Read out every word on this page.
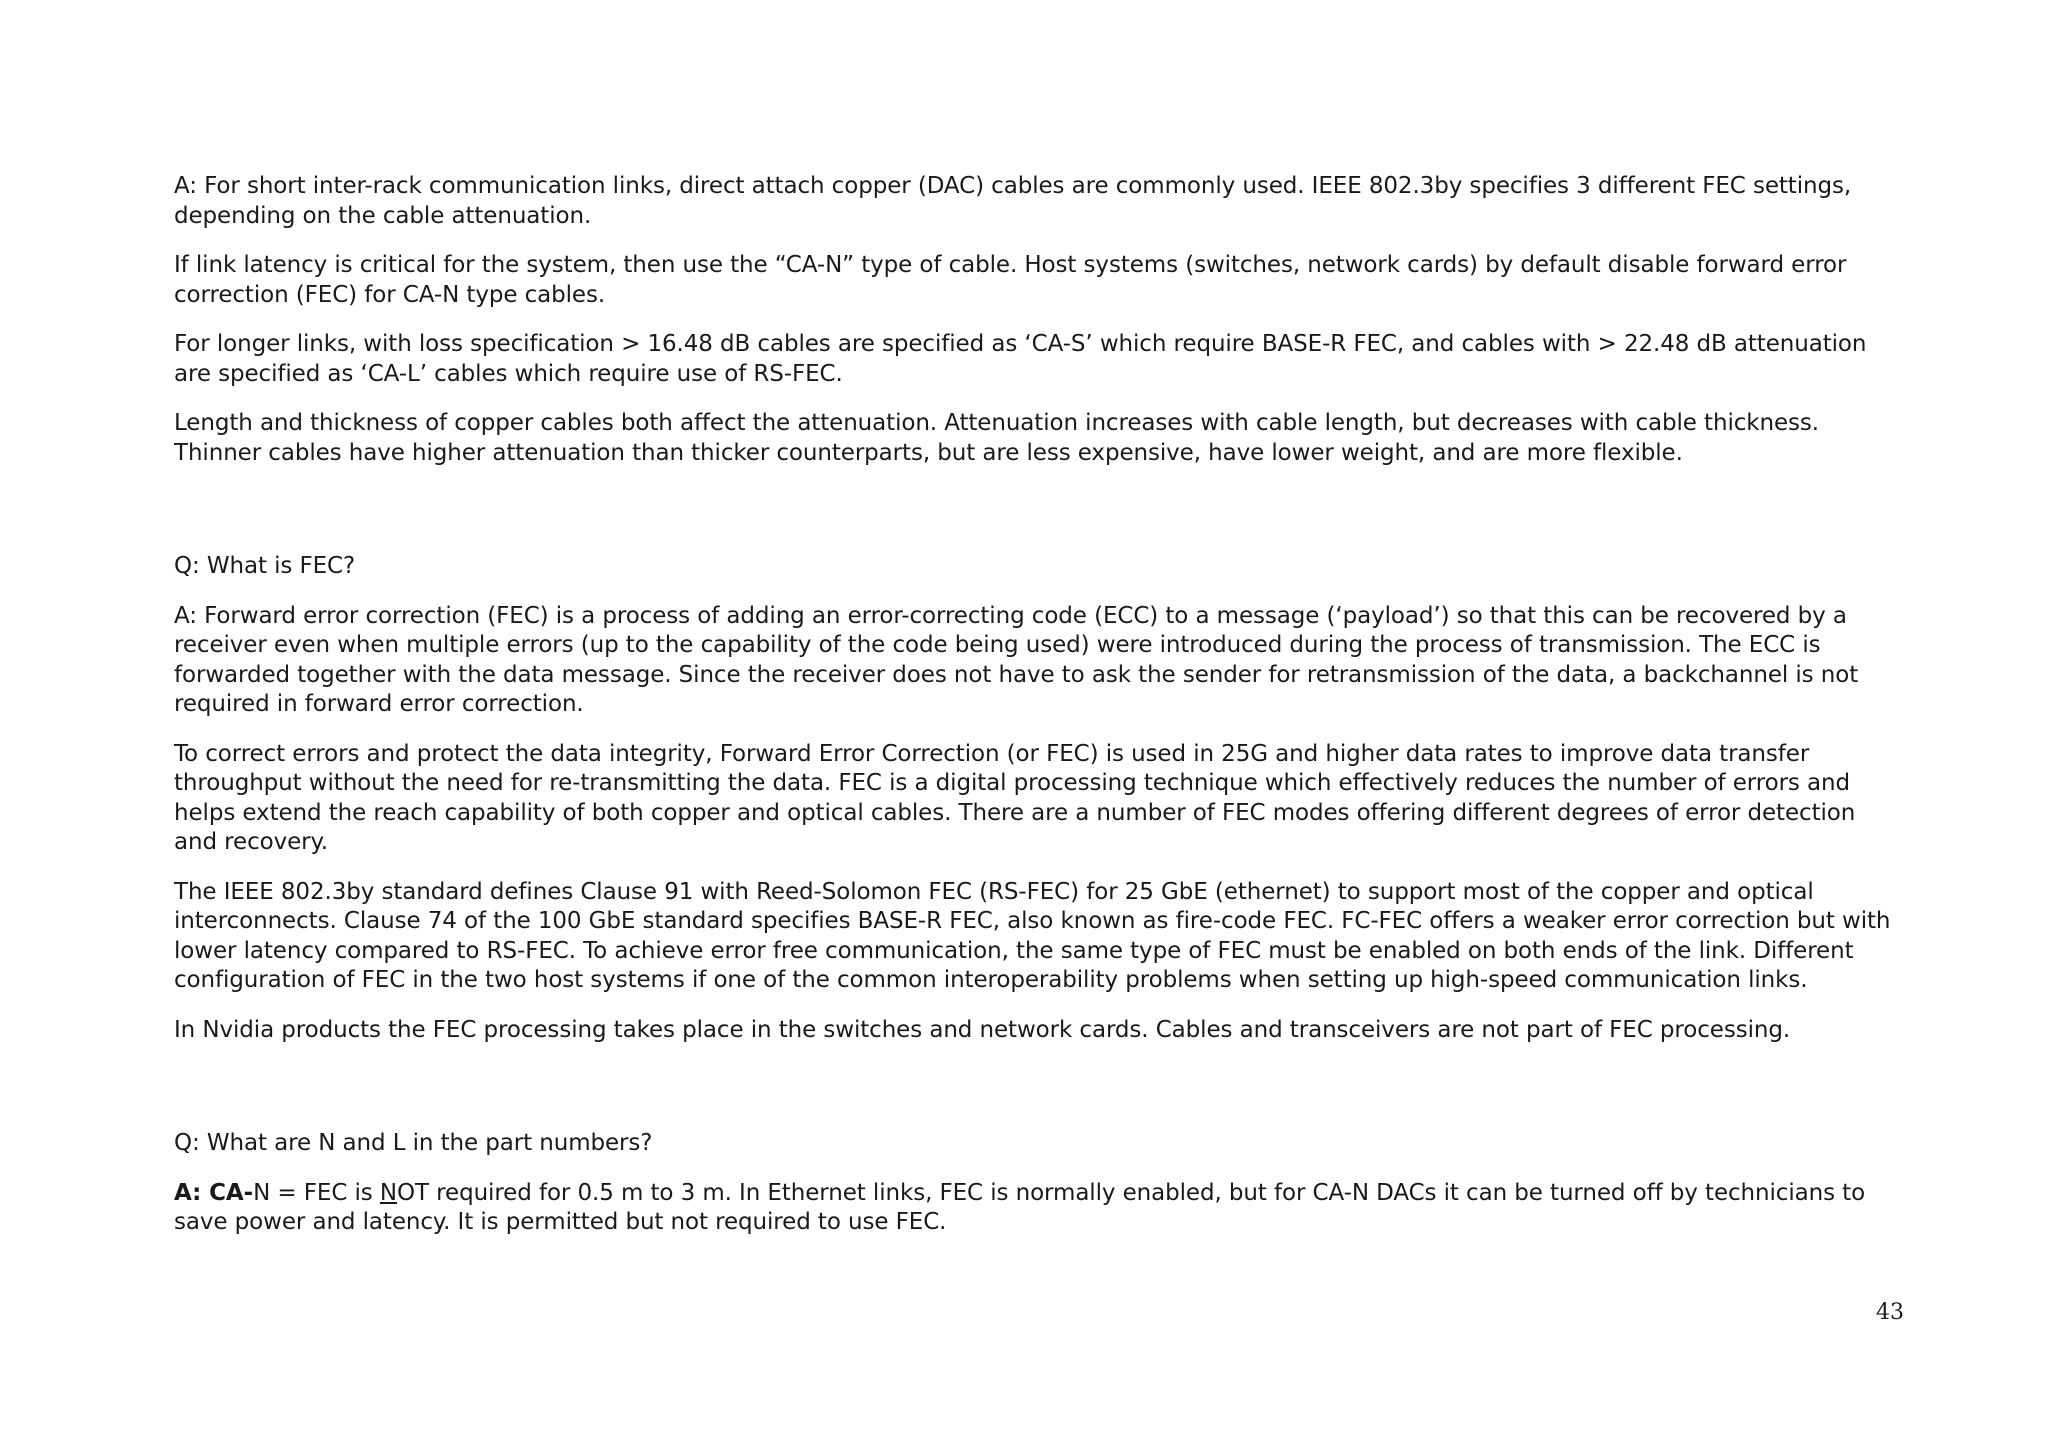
A: For short inter-rack communication links, direct attach copper (DAC) cables are commonly used. IEEE 802.3by specifies 3 different FEC settings, depending on the cable attenuation.

If link latency is critical for the system, then use the “CA-N” type of cable. Host systems (switches, network cards) by default disable forward error correction (FEC) for CA-N type cables.

For longer links, with loss specification > 16.48 dB cables are specified as ‘CA-S’ which require BASE-R FEC, and cables with > 22.48 dB attenuation are specified as ‘CA-L’ cables which require use of RS-FEC.

Length and thickness of copper cables both affect the attenuation. Attenuation increases with cable length, but decreases with cable thickness. Thinner cables have higher attenuation than thicker counterparts, but are less expensive, have lower weight, and are more flexible.

Q: What is FEC?

A: Forward error correction (FEC) is a process of adding an error-correcting code (ECC) to a message (‘payload’) so that this can be recovered by a receiver even when multiple errors (up to the capability of the code being used) were introduced during the process of transmission. The ECC is forwarded together with the data message. Since the receiver does not have to ask the sender for retransmission of the data, a backchannel is not required in forward error correction.

To correct errors and protect the data integrity, Forward Error Correction (or FEC) is used in 25G and higher data rates to improve data transfer throughput without the need for re-transmitting the data. FEC is a digital processing technique which effectively reduces the number of errors and helps extend the reach capability of both copper and optical cables. There are a number of FEC modes offering different degrees of error detection and recovery.

The IEEE 802.3by standard defines Clause 91 with Reed-Solomon FEC (RS-FEC) for 25 GbE (ethernet) to support most of the copper and optical interconnects. Clause 74 of the 100 GbE standard specifies BASE-R FEC, also known as fire-code FEC. FC-FEC offers a weaker error correction but with lower latency compared to RS-FEC. To achieve error free communication, the same type of FEC must be enabled on both ends of the link. Different configuration of FEC in the two host systems if one of the common interoperability problems when setting up high-speed communication links.

In Nvidia products the FEC processing takes place in the switches and network cards. Cables and transceivers are not part of FEC processing.

Q: What are N and L in the part numbers?

A: CA-N = FEC is NOT required for 0.5 m to 3 m. In Ethernet links, FEC is normally enabled, but for CA-N DACs it can be turned off by technicians to save power and latency. It is permitted but not required to use FEC.

43
